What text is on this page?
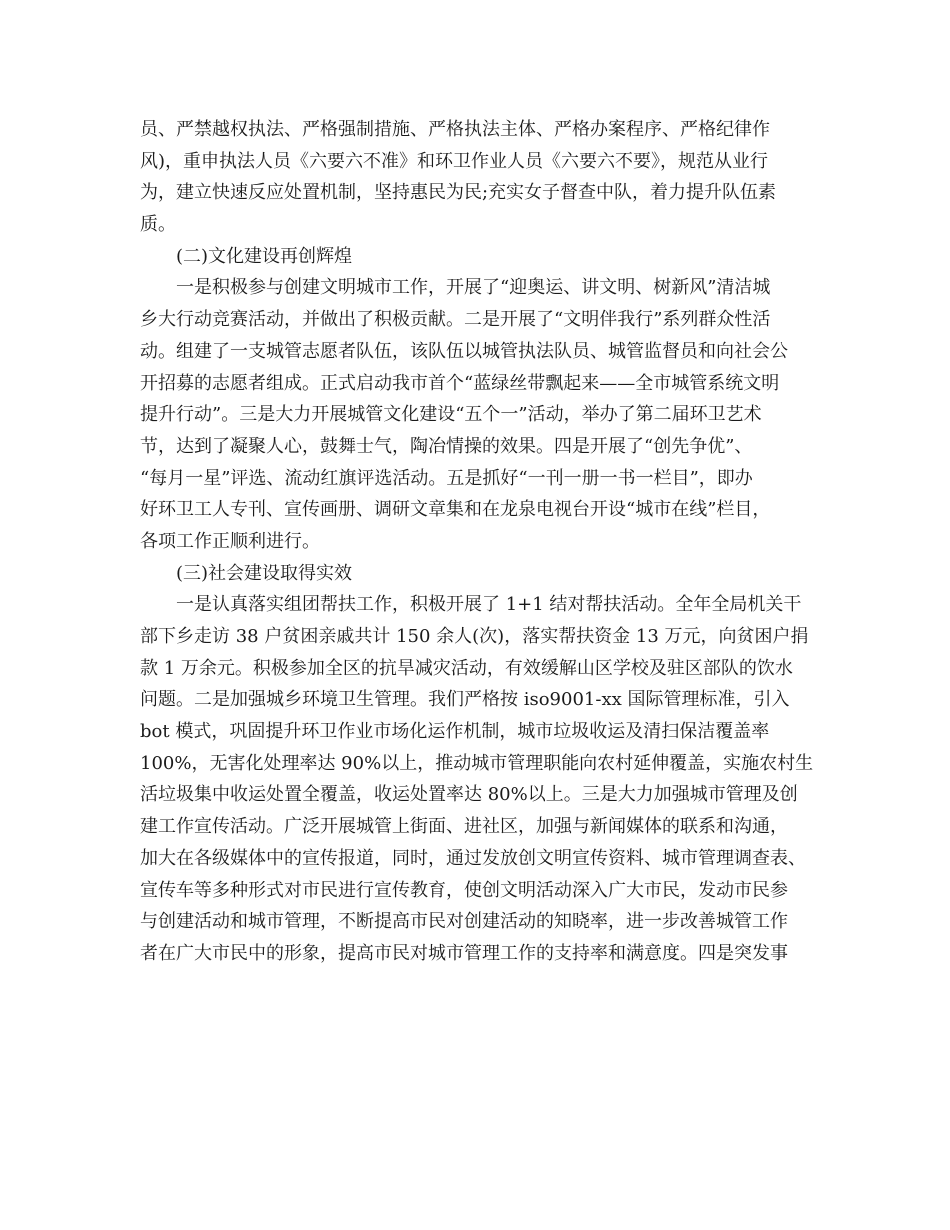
员、严禁越权执法、严格强制措施、严格执法主体、严格办案程序、严格纪律作
风)，重申执法人员《六要六不准》和环卫作业人员《六要六不要》，规范从业行
为，建立快速反应处置机制，坚持惠民为民;充实女子督查中队，着力提升队伍素
质。
(二)文化建设再创辉煌
一是积极参与创建文明城市工作，开展了“迎奥运、讲文明、树新风”清洁城
乡大行动竞赛活动，并做出了积极贡献。二是开展了“文明伴我行”系列群众性活
动。组建了一支城管志愿者队伍，该队伍以城管执法队员、城管监督员和向社会公
开招募的志愿者组成。正式启动我市首个“蓝绿丝带飘起来——全市城管系统文明
提升行动”。三是大力开展城管文化建设“五个一”活动，举办了第二届环卫艺术
节，达到了凝聚人心，鼓舞士气，陶冶情操的效果。四是开展了“创先争优”、
“每月一星”评选、流动红旗评选活动。五是抓好“一刊一册一书一栏目”，即办
好环卫工人专刊、宣传画册、调研文章集和在龙泉电视台开设“城市在线”栏目，
各项工作正顺利进行。
(三)社会建设取得实效
一是认真落实组团帮扶工作，积极开展了 1+1 结对帮扶活动。全年全局机关干
部下乡走访 38 户贫困亲戚共计 150 余人(次)，落实帮扶资金 13 万元，向贫困户捐
款 1 万余元。积极参加全区的抗旱减灾活动，有效缓解山区学校及驻区部队的饮水
问题。二是加强城乡环境卫生管理。我们严格按 iso9001-xx 国际管理标准，引入
bot 模式，巩固提升环卫作业市场化运作机制，城市垃圾收运及清扫保洁覆盖率
100%，无害化处理率达 90%以上，推动城市管理职能向农村延伸覆盖，实施农村生
活垃圾集中收运处置全覆盖，收运处置率达 80%以上。三是大力加强城市管理及创
建工作宣传活动。广泛开展城管上街面、进社区，加强与新闻媒体的联系和沟通，
加大在各级媒体中的宣传报道，同时，通过发放创文明宣传资料、城市管理调查表、
宣传车等多种形式对市民进行宣传教育，使创文明活动深入广大市民，发动市民参
与创建活动和城市管理，不断提高市民对创建活动的知晓率，进一步改善城管工作
者在广大市民中的形象，提高市民对城市管理工作的支持率和满意度。四是突发事
